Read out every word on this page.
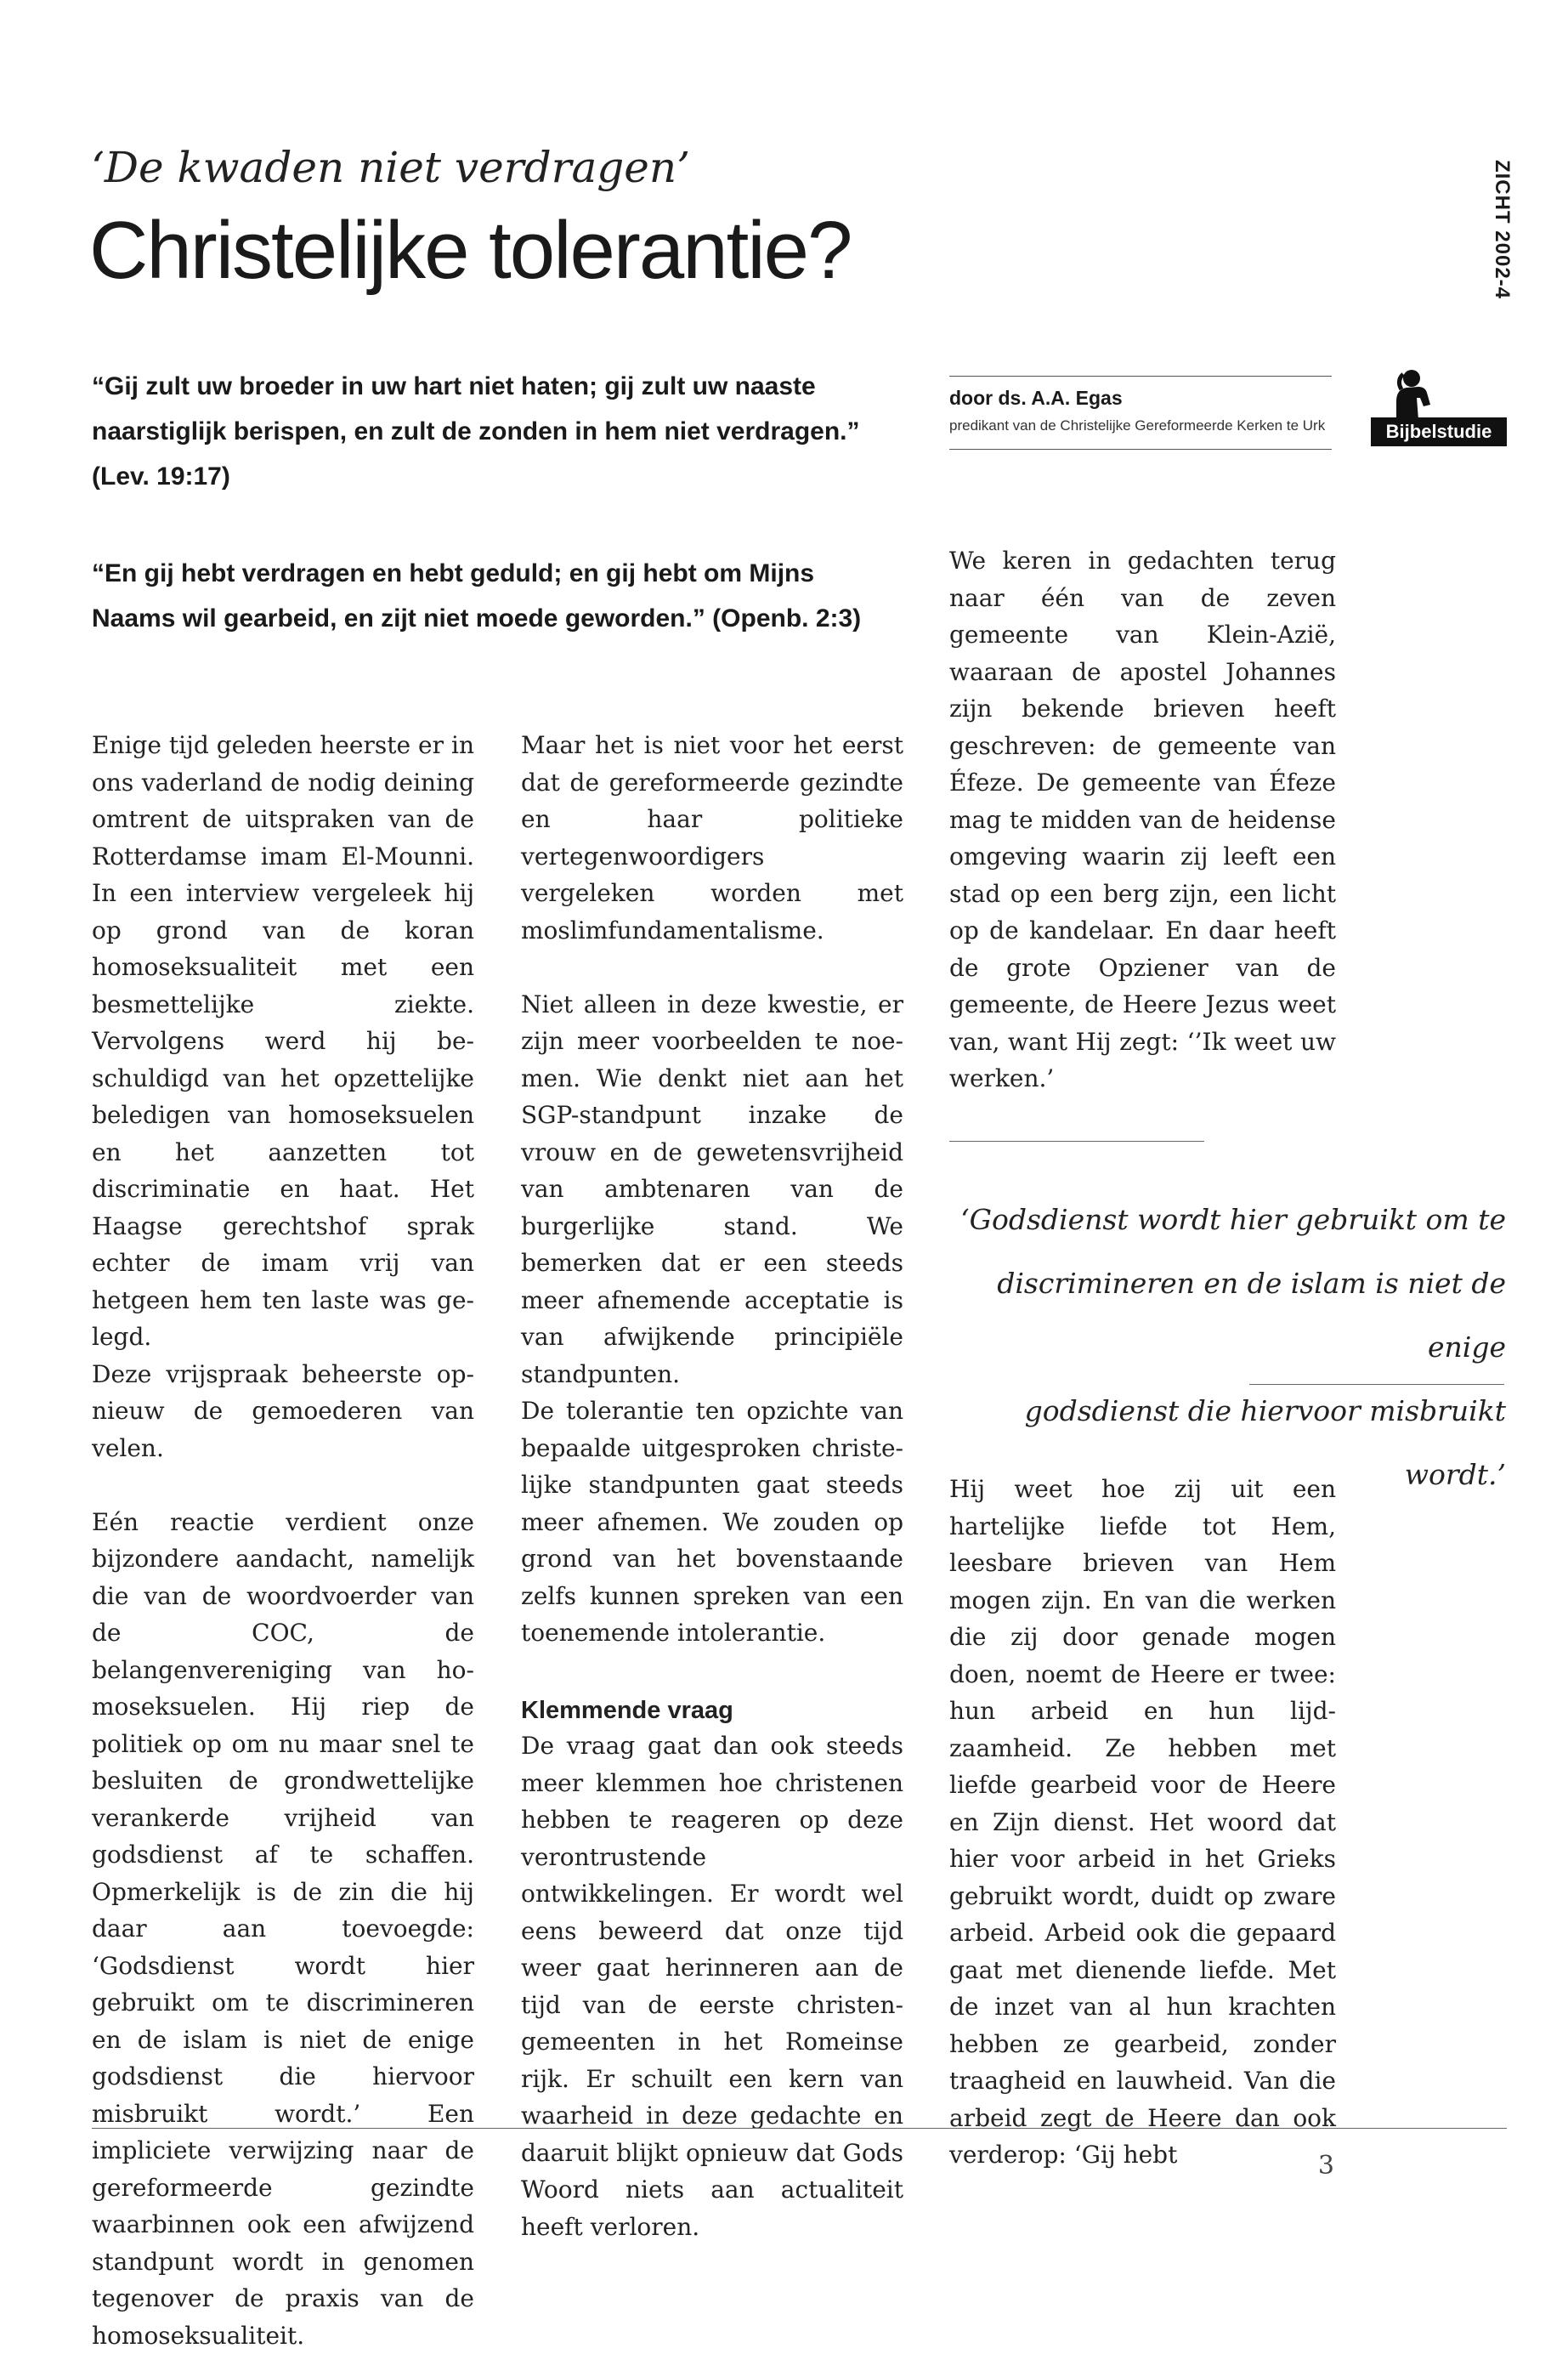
‘De kwaden niet verdragen’
Christelijke tolerantie?	ZICHT 2002-4

“Gij zult uw broeder in uw hart niet haten; gij zult uw naaste

naarstiglijk berispen, en zult de zonden in hem niet verdragen.”

(Lev. 19:17)

“En gij hebt verdragen en hebt geduld; en gij hebt om Mijns

Naams wil gearbeid, en zijt niet moede geworden.” (Openb. 2:3)

door ds. A.A. Egas
predikant van de Christelijke Gereformeerde Kerken te Urk	Bijbelstudie

Enige tijd geleden heerste er in ons vaderland de nodig deining omtrent de uitspraken van de Rotterdamse imam El-Mounni. In een interview vergeleek hij op grond van de koran homoseksualiteit met een besmettelijke ziekte. Vervolgens werd hij beschuldigd van het opzettelijke beledigen van homoseksuelen en het aanzetten tot discriminatie en haat. Het Haagse gerechtshof sprak echter de imam vrij van hetgeen hem ten laste was gelegd.

Deze vrijspraak beheerste opnieuw de gemoederen van velen.

Eén reactie verdient onze bijzondere aandacht, namelijk die van de woordvoerder van de COC, de belangenvereniging van homoseksuelen. Hij riep de politiek op om nu maar snel te besluiten de grondwettelijke verankerde vrijheid van godsdienst af te schaffen. Opmerkelijk is de zin die hij daar aan toevoegde: ‘Godsdienst wordt hier gebruikt om te discrimineren en de islam is niet de enige godsdienst die hiervoor misbruikt wordt.’ Een impliciete verwijzing naar de gereformeerde gezindte waarbinnen ook een afwijzend standpunt wordt in genomen tegenover de praxis van de homoseksualiteit.

Maar het is niet voor het eerst dat de gereformeerde gezindte en haar politieke vertegenwoordigers vergeleken worden met moslimfundamentalisme.

Niet alleen in deze kwestie, er zijn meer voorbeelden te noemen. Wie denkt niet aan het SGP-standpunt inzake de vrouw en de gewetensvrijheid van ambtenaren van de burgerlijke stand. We bemerken dat er een steeds meer afnemende acceptatie is van afwijkende principiële standpunten.

De tolerantie ten opzichte van bepaalde uitgesproken christelijke standpunten gaat steeds meer afnemen. We zouden op grond van het bovenstaande zelfs kunnen spreken van een toenemende intolerantie.

Klemmende vraag

De vraag gaat dan ook steeds meer klemmen hoe christenen hebben te reageren op deze verontrustende ontwikkelingen. Er wordt wel eens beweerd dat onze tijd weer gaat herinneren aan de tijd van de eerste christengemeenten in het Romeinse rijk. Er schuilt een kern van waarheid in deze gedachte en daaruit blijkt opnieuw dat Gods Woord niets aan actualiteit heeft verloren.

We keren in gedachten terug naar één van de zeven gemeente van Klein-Azië, waaraan de apostel Johannes zijn bekende brieven heeft geschreven: de gemeente van Éfeze. De gemeente van Éfeze mag te midden van de heidense omgeving waarin zij leeft een stad op een berg zijn, een licht op de kandelaar. En daar heeft de grote Opziener van de gemeente, de Heere Jezus weet van, want Hij zegt: ‘’Ik weet uw werken.’

‘Godsdienst wordt hier gebruikt om te
discrimineren en de islam is niet de enige
godsdienst die hiervoor misbruikt wordt.’

Hij weet hoe zij uit een hartelijke liefde tot Hem, leesbare brieven van Hem mogen zijn. En van die werken die zij door genade mogen doen, noemt de Heere er twee: hun arbeid en hun lijdzaamheid. Ze hebben met liefde gearbeid voor de Heere en Zijn dienst. Het woord dat hier voor arbeid in het Grieks gebruikt wordt, duidt op zware arbeid. Arbeid ook die gepaard gaat met dienende liefde. Met de inzet van al hun krachten hebben ze gearbeid, zonder traagheid en lauwheid. Van die arbeid zegt de Heere dan ook verderop: ‘Gij hebt	3
